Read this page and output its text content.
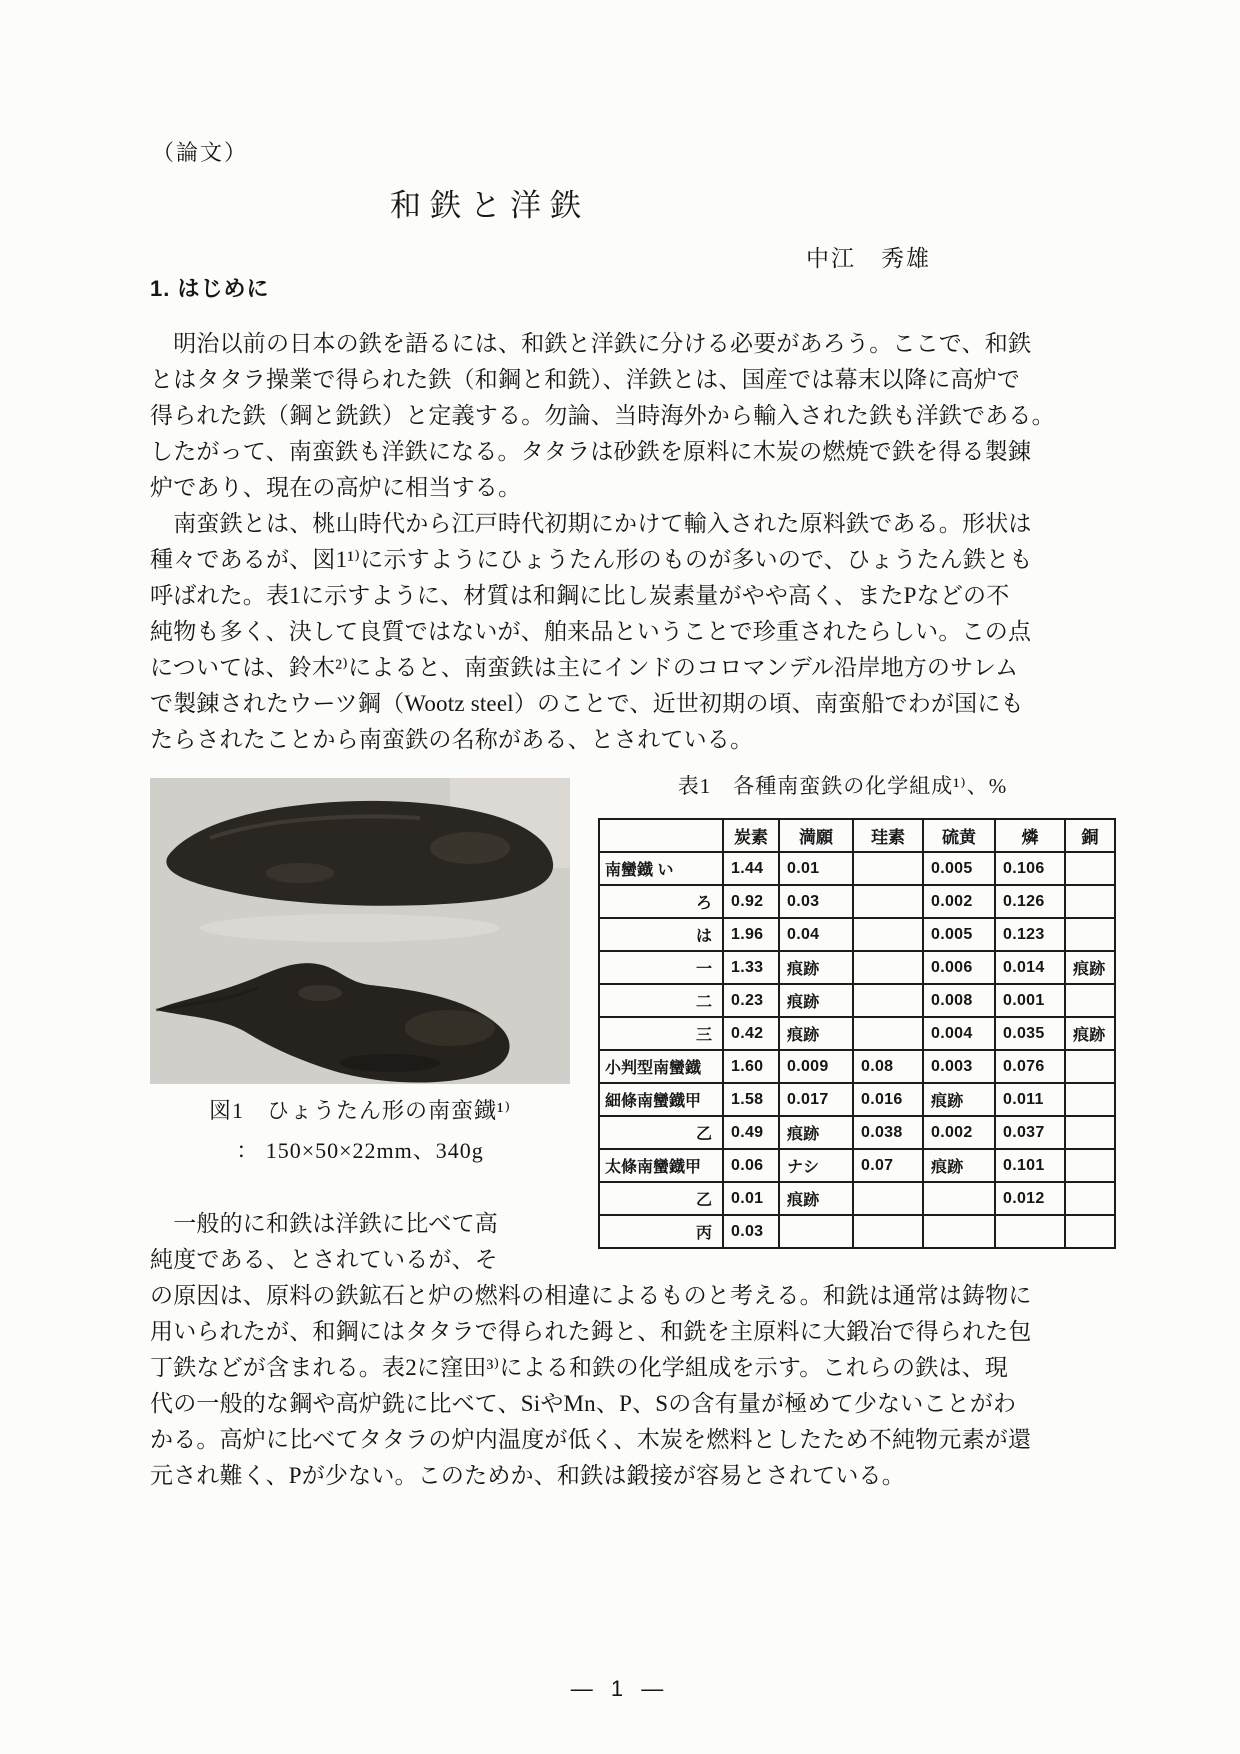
（論文）
和鉄と洋鉄
中江　秀雄
1. はじめに
　明治以前の日本の鉄を語るには、和鉄と洋鉄に分ける必要があろう。ここで、和鉄
とはタタラ操業で得られた鉄（和鋼と和銑）、洋鉄とは、国産では幕末以降に高炉で
得られた鉄（鋼と銑鉄）と定義する。勿論、当時海外から輸入された鉄も洋鉄である。
したがって、南蛮鉄も洋鉄になる。タタラは砂鉄を原料に木炭の燃焼で鉄を得る製錬
炉であり、現在の高炉に相当する。
　南蛮鉄とは、桃山時代から江戸時代初期にかけて輸入された原料鉄である。形状は
種々であるが、図1¹⁾に示すようにひょうたん形のものが多いので、ひょうたん鉄とも
呼ばれた。表1に示すように、材質は和鋼に比し炭素量がやや高く、またPなどの不
純物も多く、決して良質ではないが、舶来品ということで珍重されたらしい。この点
については、鈴木²⁾によると、南蛮鉄は主にインドのコロマンデル沿岸地方のサレム
で製錬されたウーツ鋼（Wootz steel）のことで、近世初期の頃、南蛮船でわが国にも
たらされたことから南蛮鉄の名称がある、とされている。
表1　各種南蛮鉄の化学組成¹⁾、%
図1　ひょうたん形の南蛮鐡¹⁾
： 150×50×22mm、340g
	炭素	満願	珪素	硫黄	燐	銅
南蠻鐡 い	1.44	0.01		0.005	0.106	
ろ	0.92	0.03		0.002	0.126	
は	1.96	0.04		0.005	0.123	
一	1.33	痕跡		0.006	0.014	痕跡
二	0.23	痕跡		0.008	0.001	
三	0.42	痕跡		0.004	0.035	痕跡
小判型南蠻鐡	1.60	0.009	0.08	0.003	0.076	
細條南蠻鐡甲	1.58	0.017	0.016	痕跡	0.011	
乙	0.49	痕跡	0.038	0.002	0.037	
太條南蠻鐡甲	0.06	ナシ	0.07	痕跡	0.101	
乙	0.01	痕跡			0.012	
丙	0.03					
　一般的に和鉄は洋鉄に比べて高
純度である、とされているが、そ
の原因は、原料の鉄鉱石と炉の燃料の相違によるものと考える。和銑は通常は鋳物に
用いられたが、和鋼にはタタラで得られた鉧と、和銑を主原料に大鍛冶で得られた包
丁鉄などが含まれる。表2に窪田³⁾による和鉄の化学組成を示す。これらの鉄は、現
代の一般的な鋼や高炉銑に比べて、SiやMn、P、Sの含有量が極めて少ないことがわ
かる。高炉に比べてタタラの炉内温度が低く、木炭を燃料としたため不純物元素が還
元され難く、Pが少ない。このためか、和鉄は鍛接が容易とされている。
— 1 —
